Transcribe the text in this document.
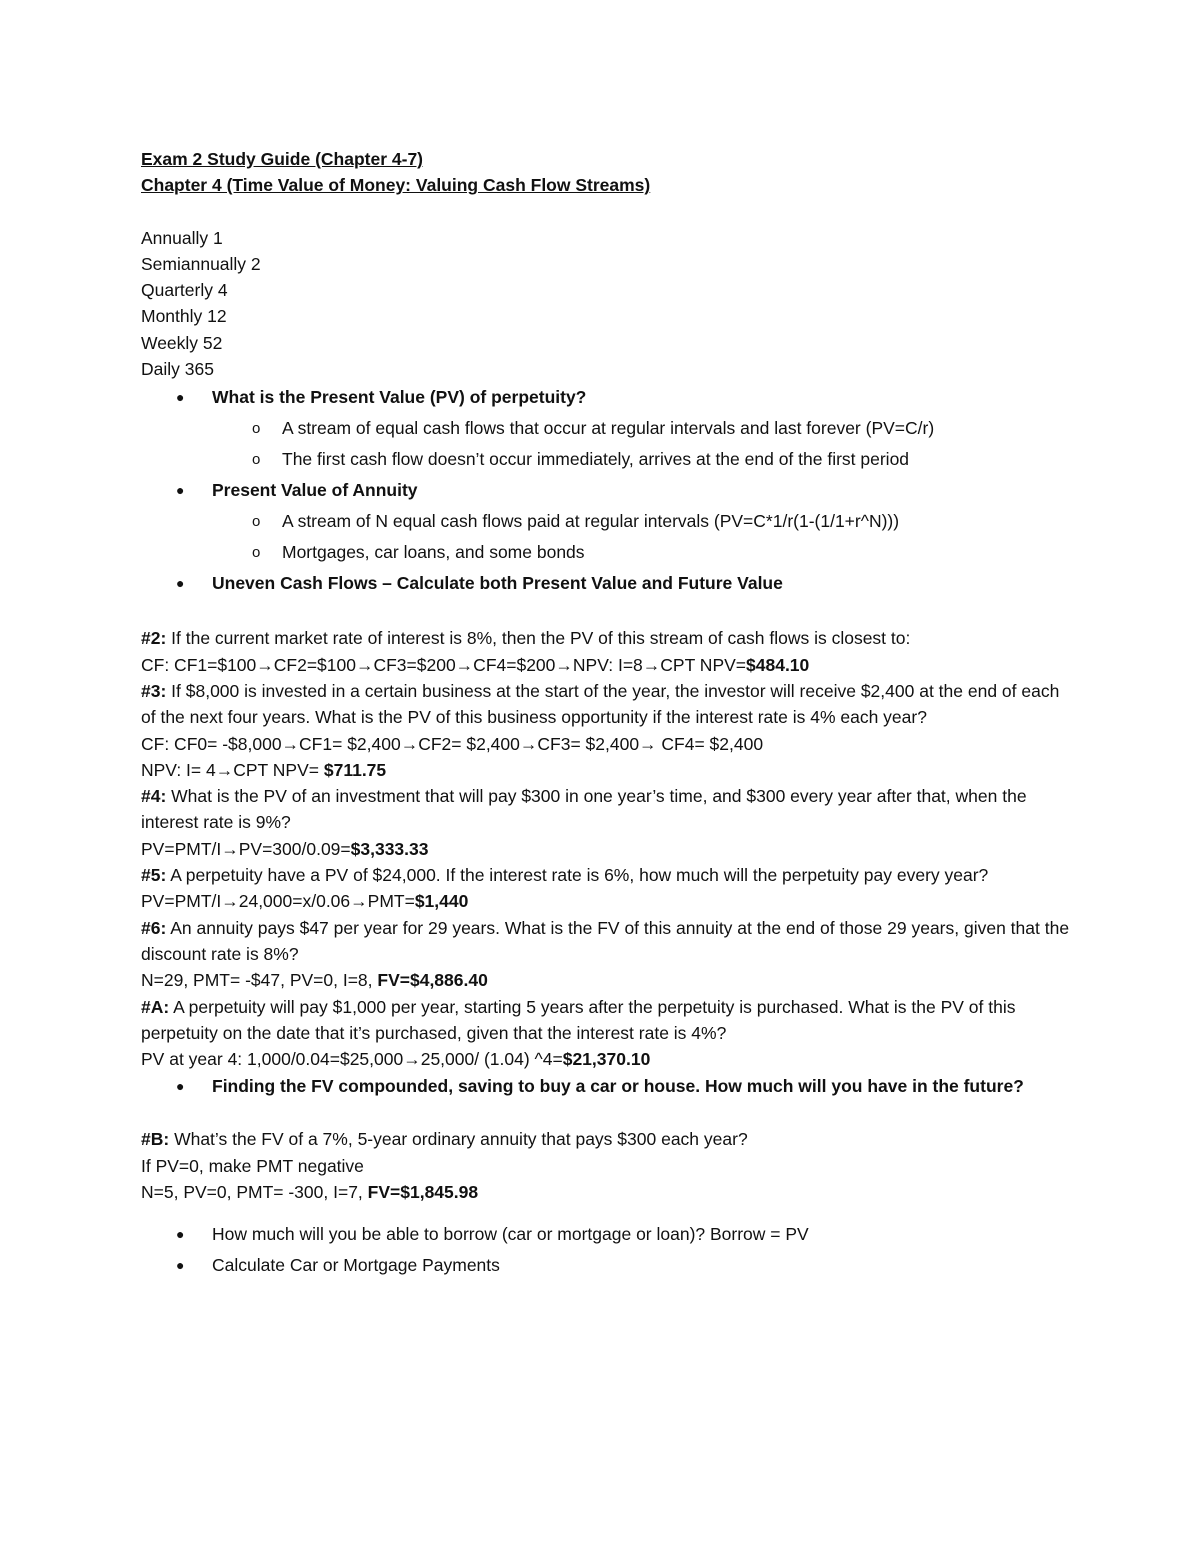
Exam 2 Study Guide (Chapter 4-7)
Chapter 4 (Time Value of Money: Valuing Cash Flow Streams)
Annually 1
Semiannually 2
Quarterly 4
Monthly 12
Weekly 52
Daily 365
● What is the Present Value (PV) of perpetuity?
o A stream of equal cash flows that occur at regular intervals and last forever (PV=C/r)
o The first cash flow doesn’t occur immediately, arrives at the end of the first period
● Present Value of Annuity
o A stream of N equal cash flows paid at regular intervals (PV=C*1/r(1-(1/1+r^N)))
o Mortgages, car loans, and some bonds
● Uneven Cash Flows – Calculate both Present Value and Future Value
#2: If the current market rate of interest is 8%, then the PV of this stream of cash flows is closest to:
CF: CF1=$100→CF2=$100→CF3=$200→CF4=$200→NPV: I=8→CPT NPV=$484.10
#3: If $8,000 is invested in a certain business at the start of the year, the investor will receive $2,400 at the end of each of the next four years. What is the PV of this business opportunity if the interest rate is 4% each year?
CF: CF0= -$8,000→CF1= $2,400→CF2= $2,400→CF3= $2,400→ CF4= $2,400
NPV: I= 4→CPT NPV= $711.75
#4: What is the PV of an investment that will pay $300 in one year’s time, and $300 every year after that, when the interest rate is 9%?
PV=PMT/I→PV=300/0.09=$3,333.33
#5: A perpetuity have a PV of $24,000. If the interest rate is 6%, how much will the perpetuity pay every year?
PV=PMT/I→24,000=x/0.06→PMT=$1,440
#6: An annuity pays $47 per year for 29 years. What is the FV of this annuity at the end of those 29 years, given that the discount rate is 8%?
N=29, PMT= -$47, PV=0, I=8, FV=$4,886.40
#A: A perpetuity will pay $1,000 per year, starting 5 years after the perpetuity is purchased. What is the PV of this perpetuity on the date that it’s purchased, given that the interest rate is 4%?
PV at year 4: 1,000/0.04=$25,000→25,000/ (1.04) ^4=$21,370.10
● Finding the FV compounded, saving to buy a car or house. How much will you have in the future?
#B: What’s the FV of a 7%, 5-year ordinary annuity that pays $300 each year?
If PV=0, make PMT negative
N=5, PV=0, PMT= -300, I=7, FV=$1,845.98
● How much will you be able to borrow (car or mortgage or loan)? Borrow = PV
● Calculate Car or Mortgage Payments
